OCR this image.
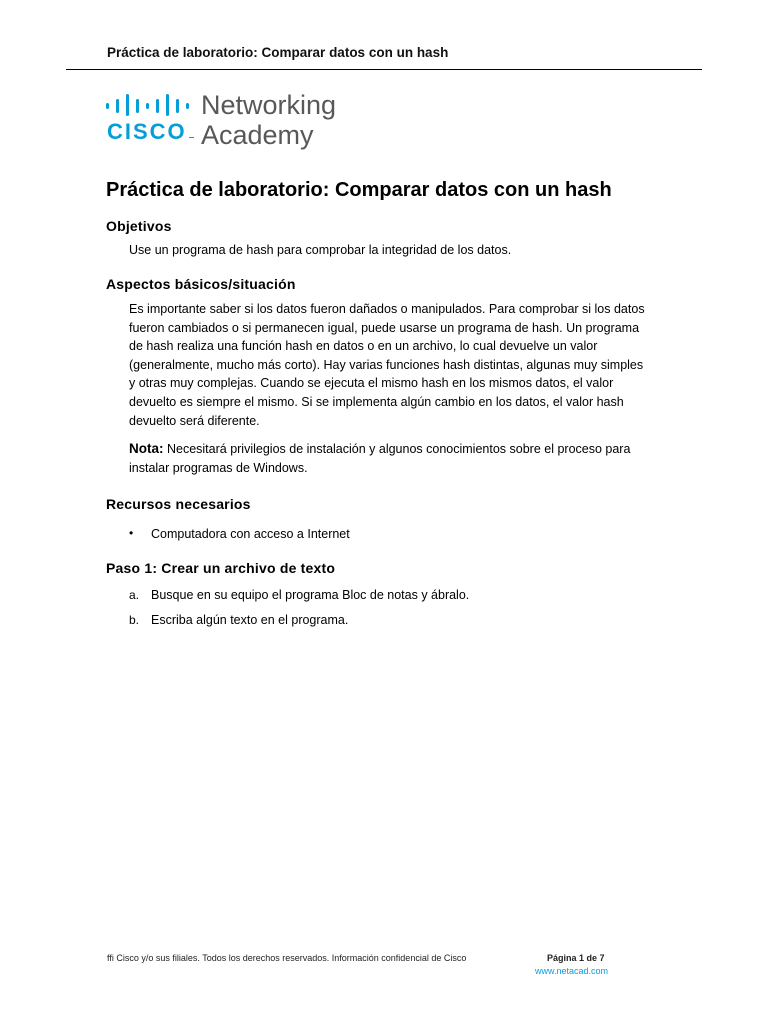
Práctica de laboratorio: Comparar datos con un hash
CISCO
Networking
Academy
Práctica de laboratorio: Comparar datos con un hash
Objetivos

Use un programa de hash para comprobar la integridad de los datos.

Aspectos básicos/situación

Es importante saber si los datos fueron dañados o manipulados. Para comprobar si los datos fueron cambiados o si permanecen igual, puede usarse un programa de hash. Un programa de hash realiza una función hash en datos o en un archivo, lo cual devuelve un valor (generalmente, mucho más corto). Hay varias funciones hash distintas, algunas muy simples y otras muy complejas. Cuando se ejecuta el mismo hash en los mismos datos, el valor devuelto es siempre el mismo. Si se implementa algún cambio en los datos, el valor hash devuelto será diferente.

Nota: Necesitará privilegios de instalación y algunos conocimientos sobre el proceso para instalar programas de Windows.

Recursos necesarios
• Computadora con acceso a Internet
Paso 1: Crear un archivo de texto
a. Busque en su equipo el programa Bloc de notas y ábralo.
b. Escriba algún texto en el programa.
ffi Cisco y/o sus filiales. Todos los derechos reservados. Información confidencial de Cisco	Página 1 de 7
www.netacad.com
